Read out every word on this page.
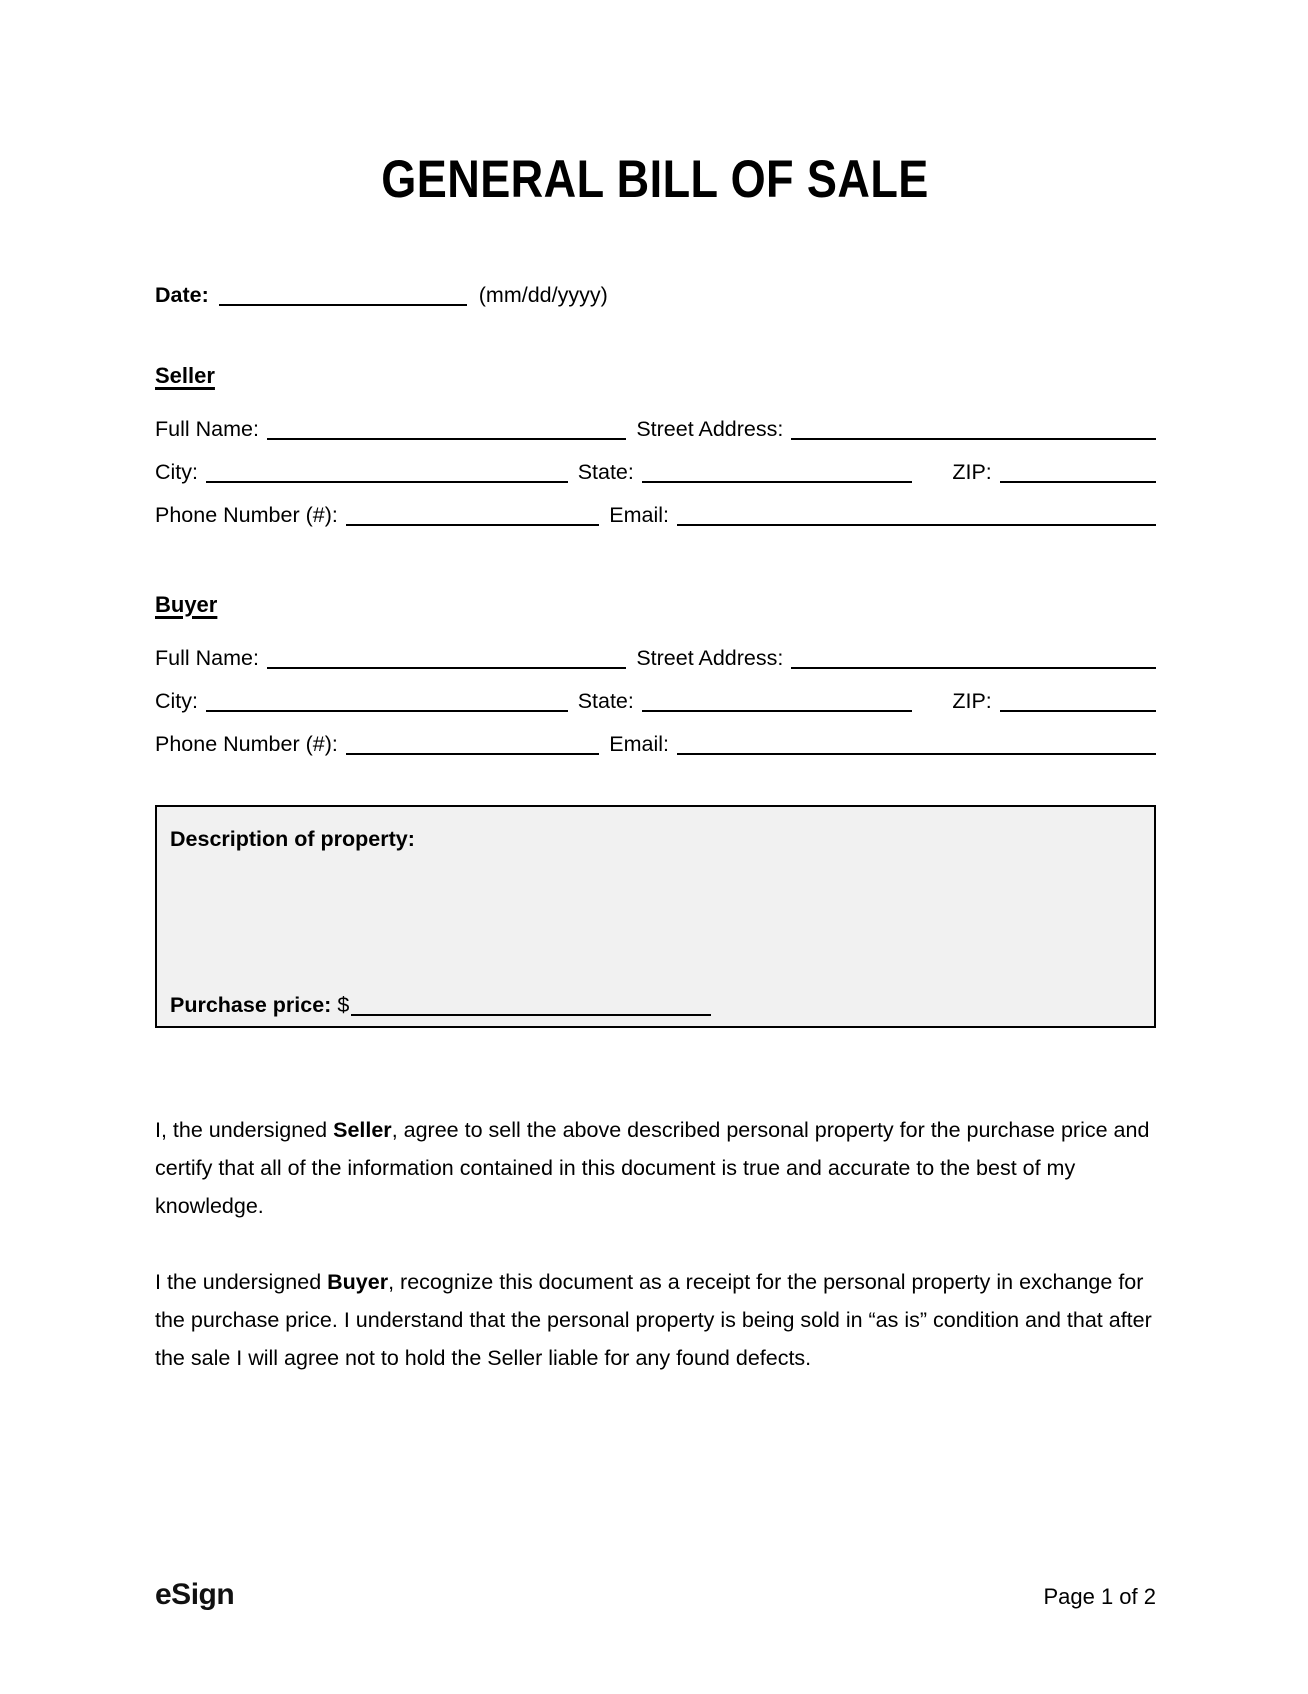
GENERAL BILL OF SALE
Date:	(mm/dd/yyyy)
Seller
Full Name:	Street Address:
City:	State:	ZIP:
Phone Number (#):	Email:
Buyer
Full Name:	Street Address:
City:	State:	ZIP:
Phone Number (#):	Email:
Description of property:
Purchase price: $

I, the undersigned Seller, agree to sell the above described personal property for the purchase price and certify that all of the information contained in this document is true and accurate to the best of my knowledge.

I the undersigned Buyer, recognize this document as a receipt for the personal property in exchange for the purchase price. I understand that the personal property is being sold in “as is” condition and that after the sale I will agree not to hold the Seller liable for any found defects.

eSign	Page 1 of 2
